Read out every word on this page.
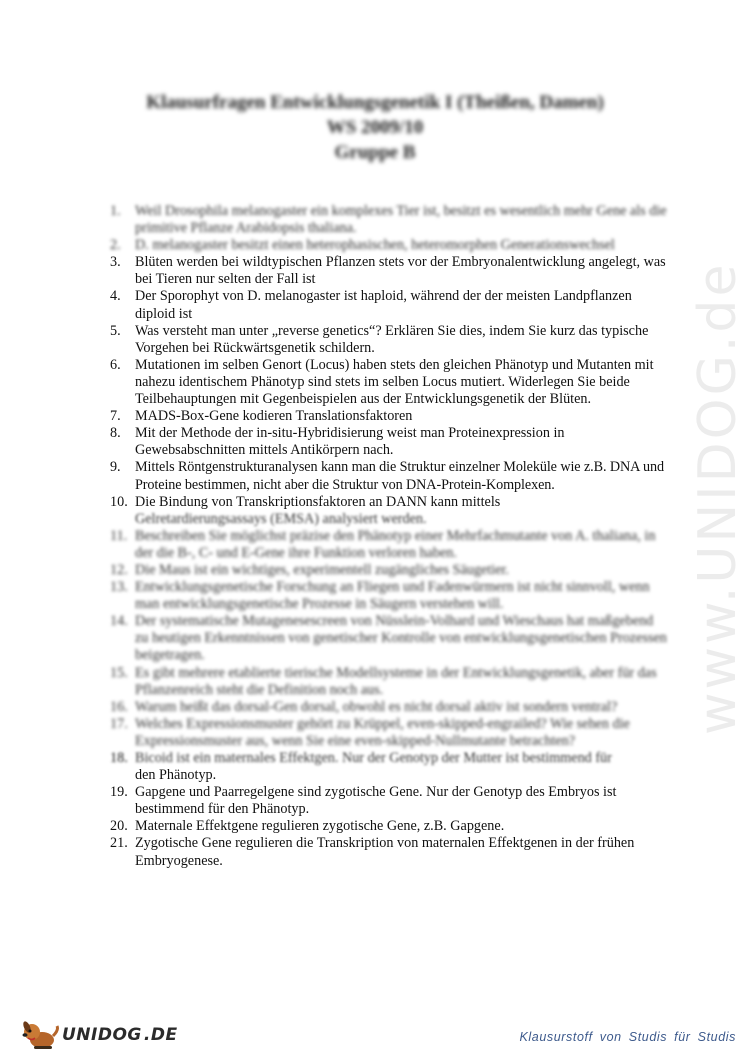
Klausurfragen Entwicklungsgenetik I (Theißen, Damen)
WS 2009/10
Gruppe B
1.	Weil Drosophila melanogaster ein komplexes Tier ist, besitzt es wesentlich mehr Gene als die primitive Pflanze Arabidopsis thaliana.
2.	D. melanogaster besitzt einen heterophasischen, heteromorphen Generationswechsel
3.	Blüten werden bei wildtypischen Pflanzen stets vor der Embryonalentwicklung angelegt, was bei Tieren nur selten der Fall ist
4.	Der Sporophyt von D. melanogaster ist haploid, während der der meisten Landpflanzen diploid ist
5.	Was versteht man unter „reverse genetics“? Erklären Sie dies, indem Sie kurz das typische Vorgehen bei Rückwärtsgenetik schildern.
6.	Mutationen im selben Genort (Locus) haben stets den gleichen Phänotyp und Mutanten mit nahezu identischem Phänotyp sind stets im selben Locus mutiert. Widerlegen Sie beide Teilbehauptungen mit Gegenbeispielen aus der Entwicklungsgenetik der Blüten.
7.	MADS-Box-Gene kodieren Translationsfaktoren
8.	Mit der Methode der in-situ-Hybridisierung weist man Proteinexpression in Gewebsabschnitten mittels Antikörpern nach.
9.	Mittels Röntgenstrukturanalysen kann man die Struktur einzelner Moleküle wie z.B. DNA und Proteine bestimmen, nicht aber die Struktur von DNA-Protein-Komplexen.
10. Die Bindung von Transkriptionsfaktoren an DANN kann mittels
Gelretardierungsassays (EMSA) analysiert werden.
11. Beschreiben Sie möglichst präzise den Phänotyp einer Mehrfachmutante von A. thaliana, in der die B-, C- und E-Gene ihre Funktion verloren haben.
12. Die Maus ist ein wichtiges, experimentell zugängliches Säugetier.
13. Entwicklungsgenetische Forschung an Fliegen und Fadenwürmern ist nicht sinnvoll, wenn man entwicklungsgenetische Prozesse in Säugern verstehen will.
14. Der systematische Mutagenesescreen von Nüsslein-Volhard und Wieschaus hat maßgebend zu heutigen Erkenntnissen von genetischer Kontrolle von entwicklungsgenetischen Prozessen beigetragen.
15. Es gibt mehrere etablierte tierische Modellsysteme in der Entwicklungsgenetik, aber für das Pflanzenreich steht die Definition noch aus.
16. Warum heißt das dorsal-Gen dorsal, obwohl es nicht dorsal aktiv ist sondern ventral?
17. Welches Expressionsmuster gehört zu Krüppel, even-skipped-engrailed? Wie sehen die Expressionsmuster aus, wenn Sie eine even-skipped-Nullmutante betrachten?
18. Bicoid ist ein maternales Effektgen. Nur der Genotyp der Mutter ist bestimmend für
den Phänotyp.
19. Gapgene und Paarregelgene sind zygotische Gene. Nur der Genotyp des Embryos ist bestimmend für den Phänotyp.
20. Maternale Effektgene regulieren zygotische Gene, z.B. Gapgene.
21. Zygotische Gene regulieren die Transkription von maternalen Effektgenen in der frühen Embryogenese.
www.UNIDOG.de
UNIDOG .DE	Klausurstoff von Studis für Studis
